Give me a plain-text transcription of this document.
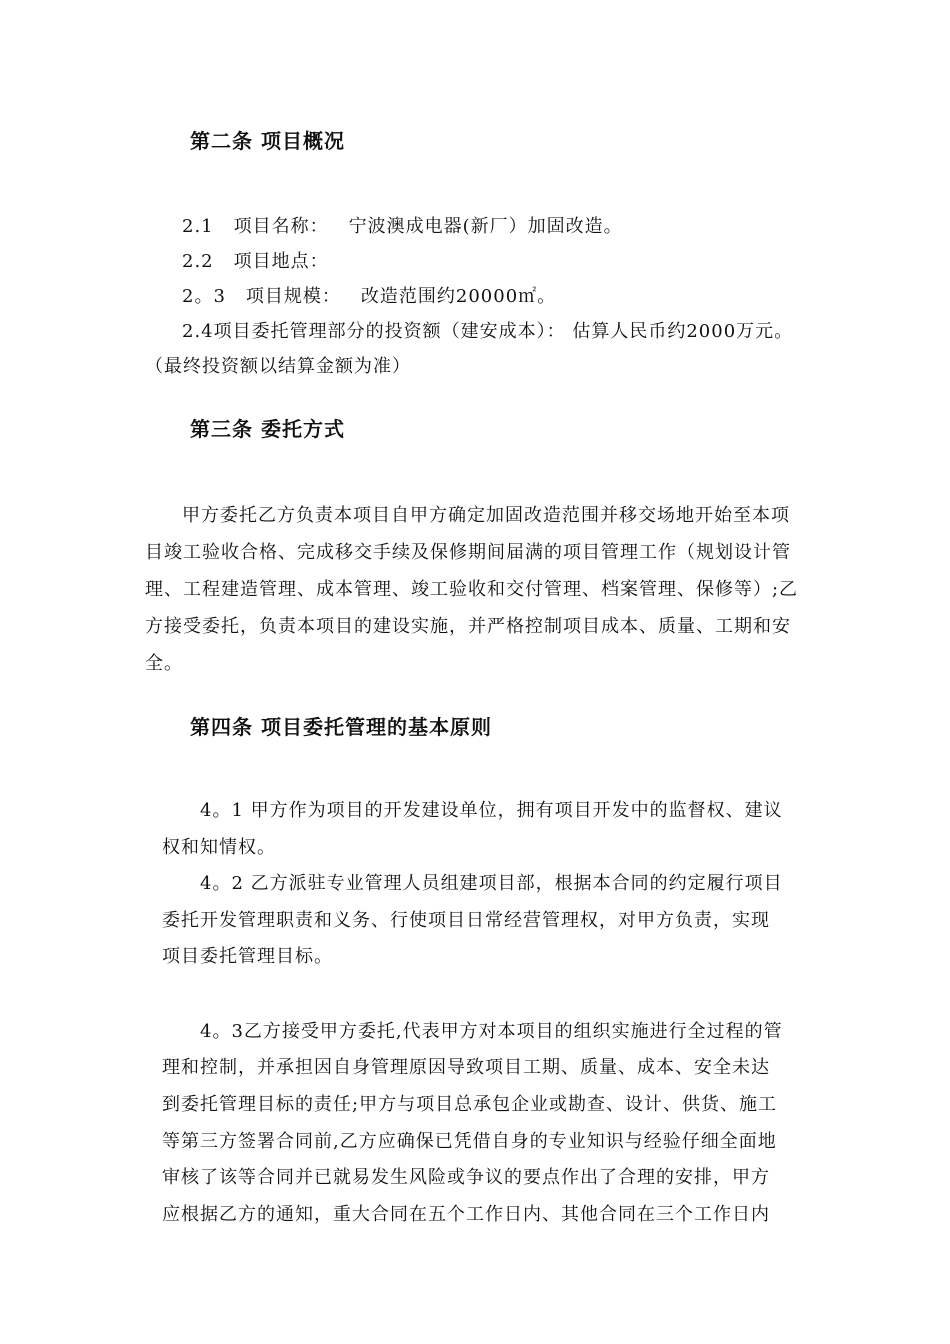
第二条 项目概况
2.1 项目名称： 宁波澳成电器(新厂）加固改造。
2.2 项目地点：
2。3 项目规模： 改造范围约20000㎡。
2.4项目委托管理部分的投资额（建安成本）： 估算人民币约2000万元。
（最终投资额以结算金额为准）
第三条 委托方式
甲方委托乙方负责本项目自甲方确定加固改造范围并移交场地开始至本项
目竣工验收合格、完成移交手续及保修期间届满的项目管理工作（规划设计管
理、工程建造管理、成本管理、竣工验收和交付管理、档案管理、保修等）;乙
方接受委托，负责本项目的建设实施，并严格控制项目成本、质量、工期和安
全。
第四条 项目委托管理的基本原则
4。1 甲方作为项目的开发建设单位，拥有项目开发中的监督权、建议
权和知情权。
4。2 乙方派驻专业管理人员组建项目部，根据本合同的约定履行项目
委托开发管理职责和义务、行使项目日常经营管理权，对甲方负责，实现
项目委托管理目标。
4。3乙方接受甲方委托,代表甲方对本项目的组织实施进行全过程的管
理和控制，并承担因自身管理原因导致项目工期、质量、成本、安全未达
到委托管理目标的责任;甲方与项目总承包企业或勘查、设计、供货、施工
等第三方签署合同前,乙方应确保已凭借自身的专业知识与经验仔细全面地
审核了该等合同并已就易发生风险或争议的要点作出了合理的安排，甲方
应根据乙方的通知，重大合同在五个工作日内、其他合同在三个工作日内
